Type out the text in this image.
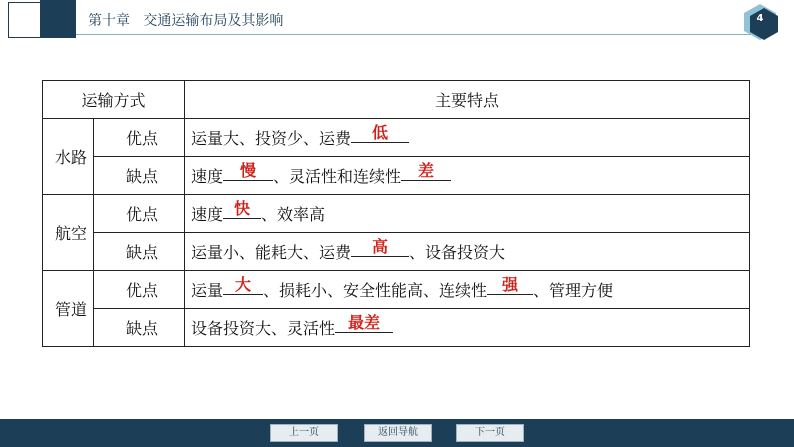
第十章 交通运输布局及其影响	4
运输方式		主要特点
水路	优点	运量大、投资少、运费 低
	缺点	速度 慢 、灵活性和连续性 差
航空	优点	速度 快 、效率高
	缺点	运量小、能耗大、运费 高 、设备投资大
管道	优点	运量 大 、损耗小、安全性能高、连续性 强 、管理方便
	缺点	设备投资大、灵活性 最差
上一页	返回导航	下一页
